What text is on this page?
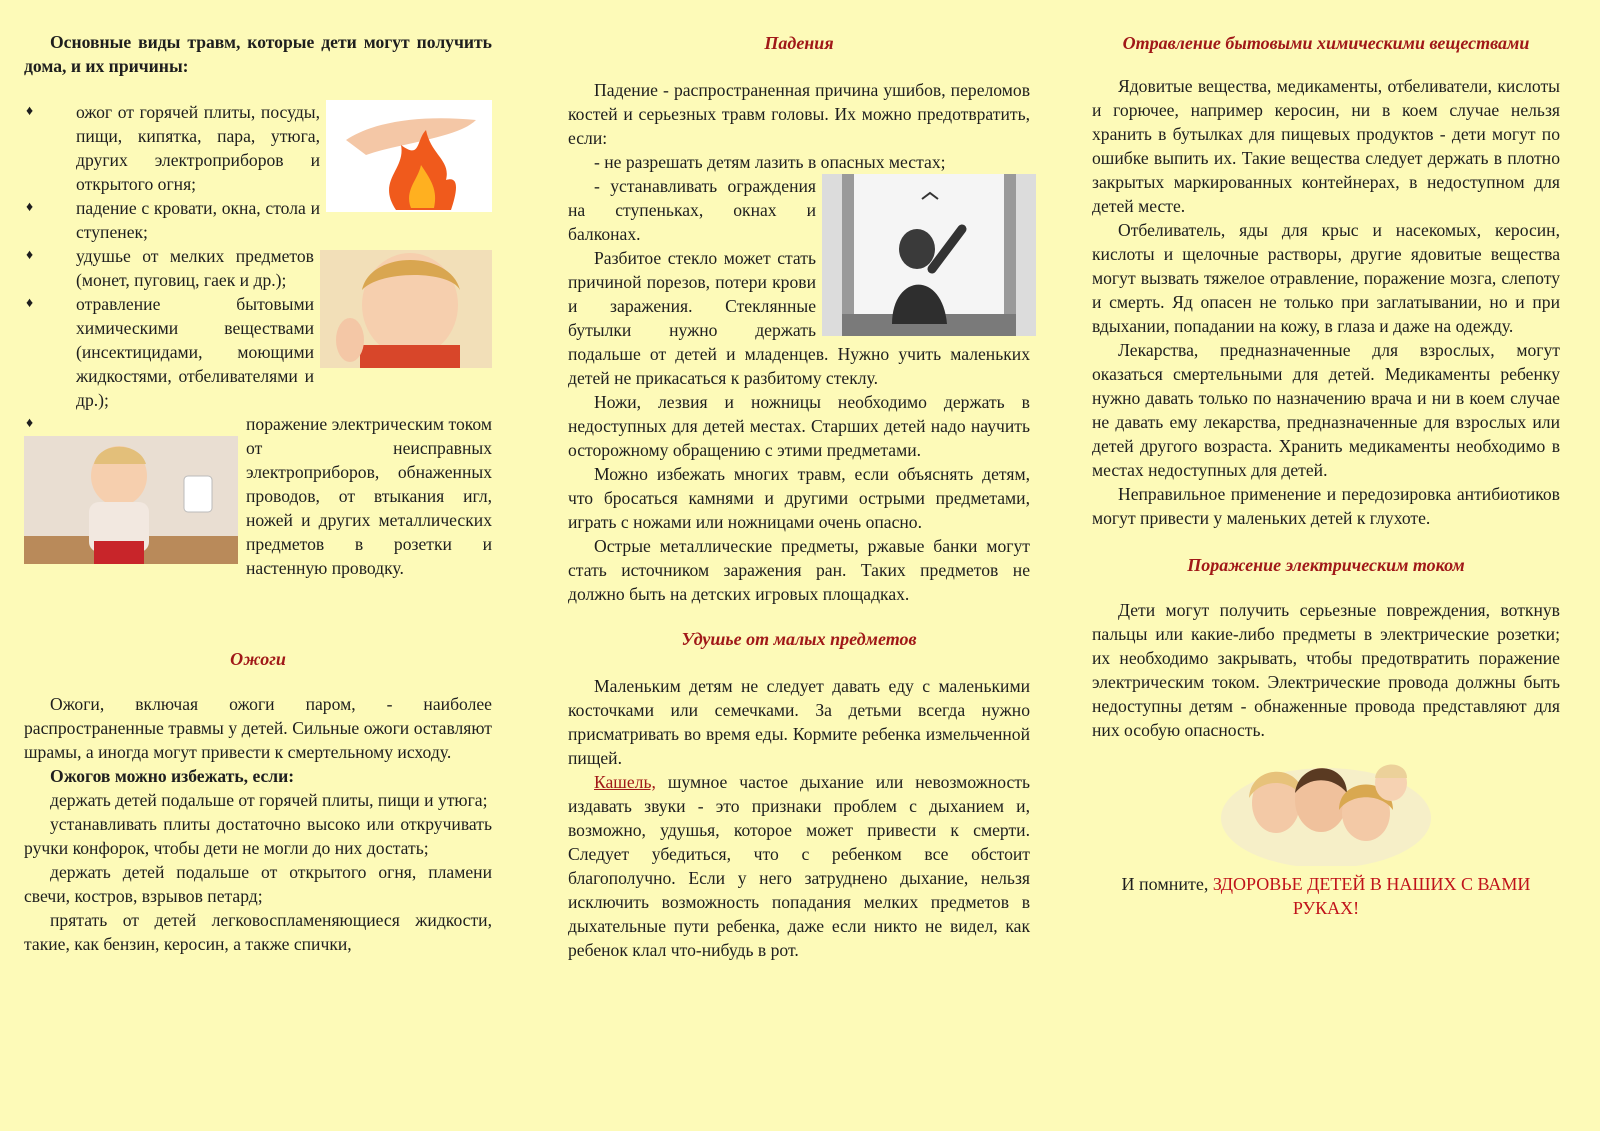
Основные виды травм, которые дети могут получить дома, и их причины:

♦ ожог от горячей плиты, посуды, пищи, кипятка, пара, утюга, других электроприборов и открытого огня;
♦ падение с кровати, окна, стола и ступенек;
♦ удушье от мелких предметов (монет, пуговиц, гаек и др.);
♦ отравление бытовыми химическими веществами (инсектицидами, моющими жидкостями, отбеливателями и др.);
♦	поражение электрическим током от неисправных электроприборов, обнаженных проводов, от втыкания игл, ножей и других металлических предметов в розетки и настенную проводку.

Ожоги

Ожоги, включая ожоги паром, - наиболее распространенные травмы у детей. Сильные ожоги оставляют шрамы, а иногда могут привести к смертельному исходу.

Ожогов можно избежать, если:

держать детей подальше от горячей плиты, пищи и утюга;

устанавливать плиты достаточно высоко или откручивать ручки конфорок, чтобы дети не могли до них достать;

держать детей подальше от открытого огня, пламени свечи, костров, взрывов петард;

прятать от детей легковоспламеняющиеся жидкости, такие, как бензин, керосин, а также спички,

Падения

Падение - распространенная причина ушибов, переломов костей и серьезных травм головы. Их можно предотвратить, если:

- не разрешать детям лазить в опасных местах;

- устанавливать ограждения на ступеньках, окнах и балконах.

Разбитое стекло может стать причиной порезов, потери крови и заражения. Стеклянные бутылки нужно держать подальше от детей и младенцев. Нужно учить маленьких детей не прикасаться к разбитому стеклу.

Ножи, лезвия и ножницы необходимо держать в недоступных для детей местах. Старших детей надо научить осторожному обращению с этими предметами.

Можно избежать многих травм, если объяснять детям, что бросаться камнями и другими острыми предметами, играть с ножами или ножницами очень опасно.

Острые металлические предметы, ржавые банки могут стать источником заражения ран. Таких предметов не должно быть на детских игровых площадках.

Удушье от малых предметов

Маленьким детям не следует давать еду с маленькими косточками или семечками. За детьми всегда нужно присматривать во время еды. Кормите ребенка измельченной пищей.

Кашель, шумное частое дыхание или невозможность издавать звуки - это признаки проблем с дыханием и, возможно, удушья, которое может привести к смерти. Следует убедиться, что с ребенком все обстоит благополучно. Если у него затруднено дыхание, нельзя исключить возможность попадания мелких предметов в дыхательные пути ребенка, даже если никто не видел, как ребенок клал что-нибудь в рот.

Отравление бытовыми химическими веществами

Ядовитые вещества, медикаменты, отбеливатели, кислоты и горючее, например керосин, ни в коем случае нельзя хранить в бутылках для пищевых продуктов - дети могут по ошибке выпить их. Такие вещества следует держать в плотно закрытых маркированных контейнерах, в недоступном для детей месте.

Отбеливатель, яды для крыс и насекомых, керосин, кислоты и щелочные растворы, другие ядовитые вещества могут вызвать тяжелое отравление, поражение мозга, слепоту и смерть. Яд опасен не только при заглатывании, но и при вдыхании, попадании на кожу, в глаза и даже на одежду.

Лекарства, предназначенные для взрослых, могут оказаться смертельными для детей. Медикаменты ребенку нужно давать только по назначению врача и ни в коем случае не давать ему лекарства, предназначенные для взрослых или детей другого возраста. Хранить медикаменты необходимо в местах недоступных для детей.

Неправильное применение и передозировка антибиотиков могут привести у маленьких детей к глухоте.

Поражение электрическим током

Дети могут получить серьезные повреждения, воткнув пальцы или какие-либо предметы в электрические розетки; их необходимо закрывать, чтобы предотвратить поражение электрическим током. Электрические провода должны быть недоступны детям - обнаженные провода представляют для них особую опасность.

И помните, ЗДОРОВЬЕ ДЕТЕЙ В НАШИХ С ВАМИ РУКАХ!
